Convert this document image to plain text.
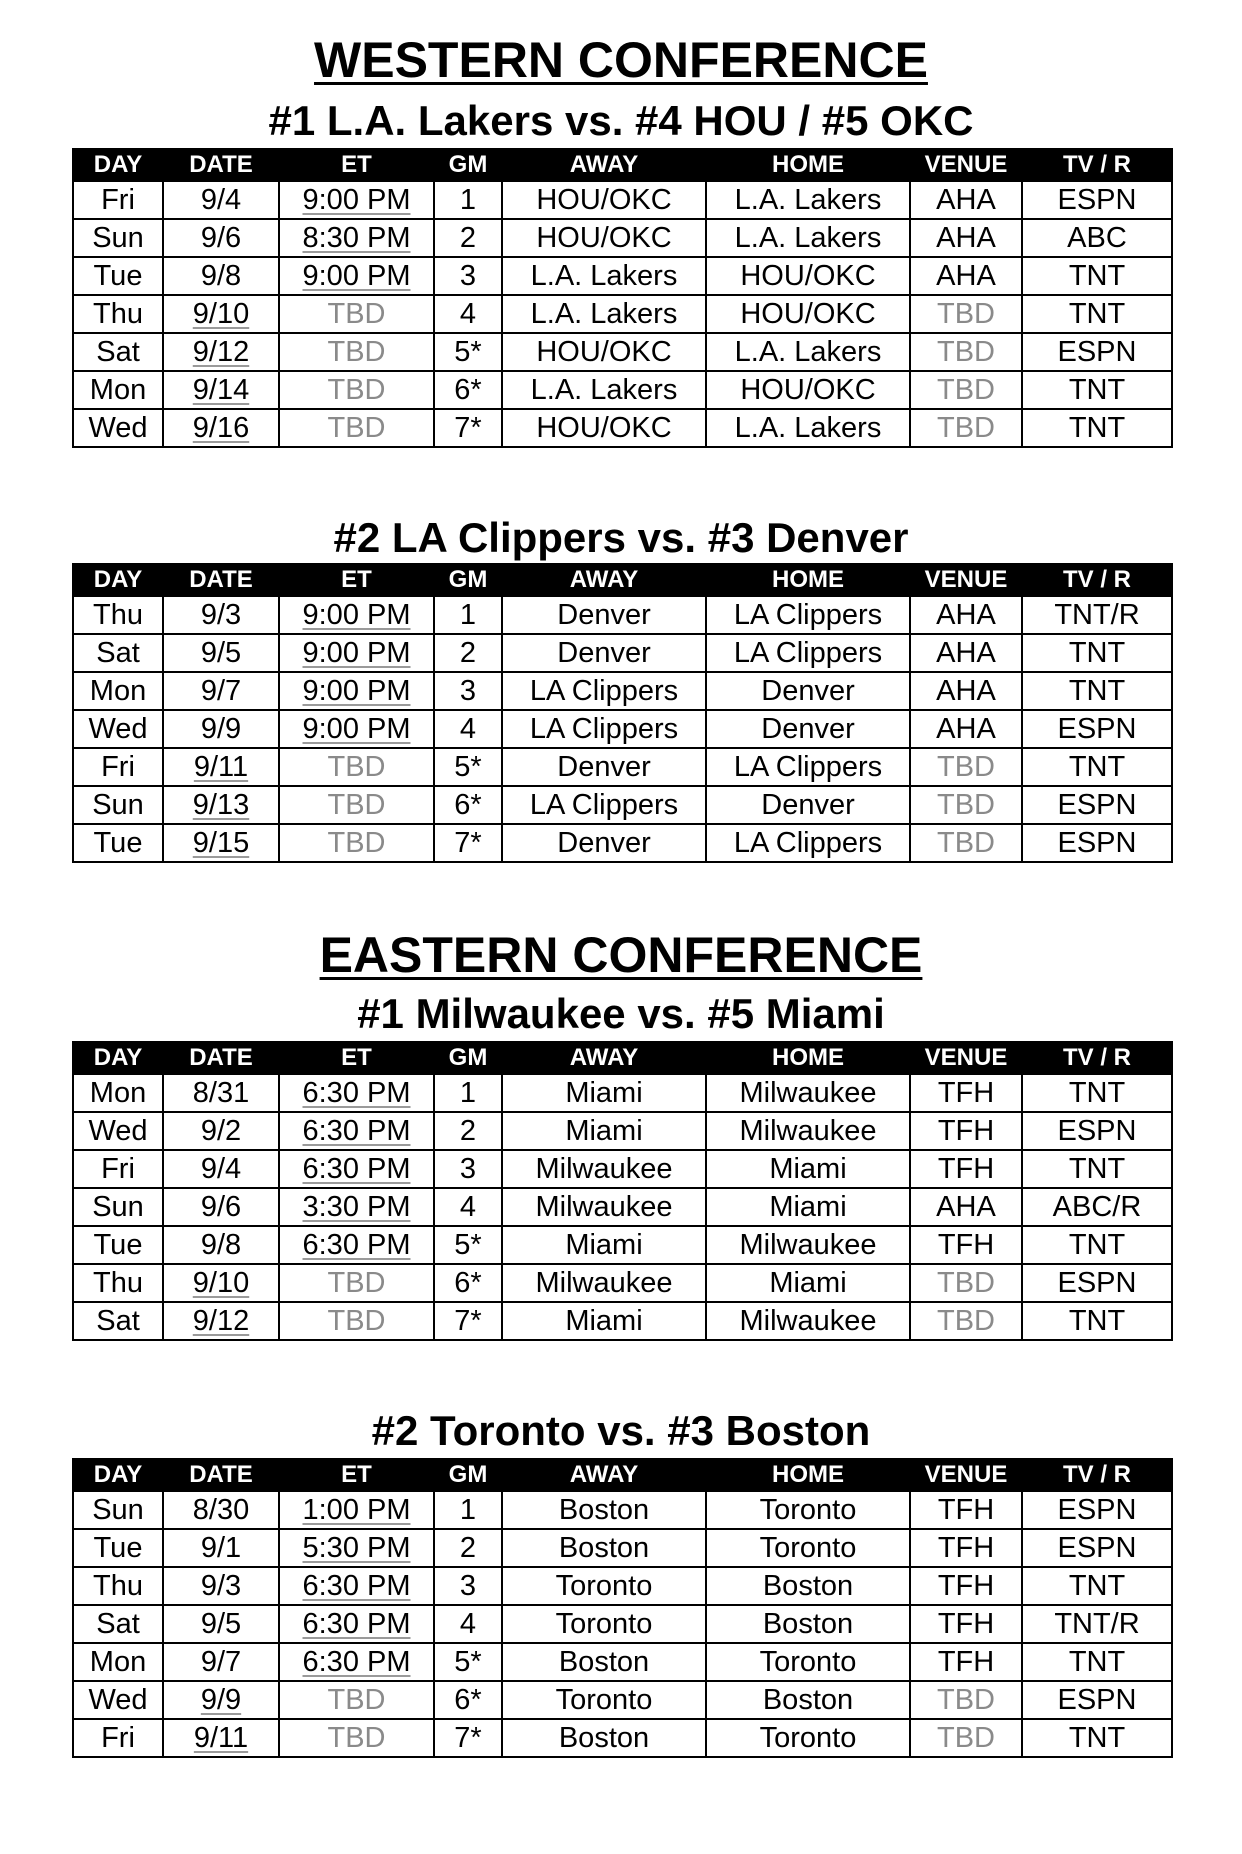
WESTERN CONFERENCE
#1 L.A. Lakers vs. #4 HOU / #5 OKC
DAY	DATE	ET	GM	AWAY	HOME	VENUE	TV / R
Fri	9/4	9:00 PM	1	HOU/OKC	L.A. Lakers	AHA	ESPN
Sun	9/6	8:30 PM	2	HOU/OKC	L.A. Lakers	AHA	ABC
Tue	9/8	9:00 PM	3	L.A. Lakers	HOU/OKC	AHA	TNT
Thu	9/10	TBD	4	L.A. Lakers	HOU/OKC	TBD	TNT
Sat	9/12	TBD	5*	HOU/OKC	L.A. Lakers	TBD	ESPN
Mon	9/14	TBD	6*	L.A. Lakers	HOU/OKC	TBD	TNT
Wed	9/16	TBD	7*	HOU/OKC	L.A. Lakers	TBD	TNT
#2 LA Clippers vs. #3 Denver
DAY	DATE	ET	GM	AWAY	HOME	VENUE	TV / R
Thu	9/3	9:00 PM	1	Denver	LA Clippers	AHA	TNT/R
Sat	9/5	9:00 PM	2	Denver	LA Clippers	AHA	TNT
Mon	9/7	9:00 PM	3	LA Clippers	Denver	AHA	TNT
Wed	9/9	9:00 PM	4	LA Clippers	Denver	AHA	ESPN
Fri	9/11	TBD	5*	Denver	LA Clippers	TBD	TNT
Sun	9/13	TBD	6*	LA Clippers	Denver	TBD	ESPN
Tue	9/15	TBD	7*	Denver	LA Clippers	TBD	ESPN
EASTERN CONFERENCE
#1 Milwaukee vs. #5 Miami
DAY	DATE	ET	GM	AWAY	HOME	VENUE	TV / R
Mon	8/31	6:30 PM	1	Miami	Milwaukee	TFH	TNT
Wed	9/2	6:30 PM	2	Miami	Milwaukee	TFH	ESPN
Fri	9/4	6:30 PM	3	Milwaukee	Miami	TFH	TNT
Sun	9/6	3:30 PM	4	Milwaukee	Miami	AHA	ABC/R
Tue	9/8	6:30 PM	5*	Miami	Milwaukee	TFH	TNT
Thu	9/10	TBD	6*	Milwaukee	Miami	TBD	ESPN
Sat	9/12	TBD	7*	Miami	Milwaukee	TBD	TNT
#2 Toronto vs. #3 Boston
DAY	DATE	ET	GM	AWAY	HOME	VENUE	TV / R
Sun	8/30	1:00 PM	1	Boston	Toronto	TFH	ESPN
Tue	9/1	5:30 PM	2	Boston	Toronto	TFH	ESPN
Thu	9/3	6:30 PM	3	Toronto	Boston	TFH	TNT
Sat	9/5	6:30 PM	4	Toronto	Boston	TFH	TNT/R
Mon	9/7	6:30 PM	5*	Boston	Toronto	TFH	TNT
Wed	9/9	TBD	6*	Toronto	Boston	TBD	ESPN
Fri	9/11	TBD	7*	Boston	Toronto	TBD	TNT
